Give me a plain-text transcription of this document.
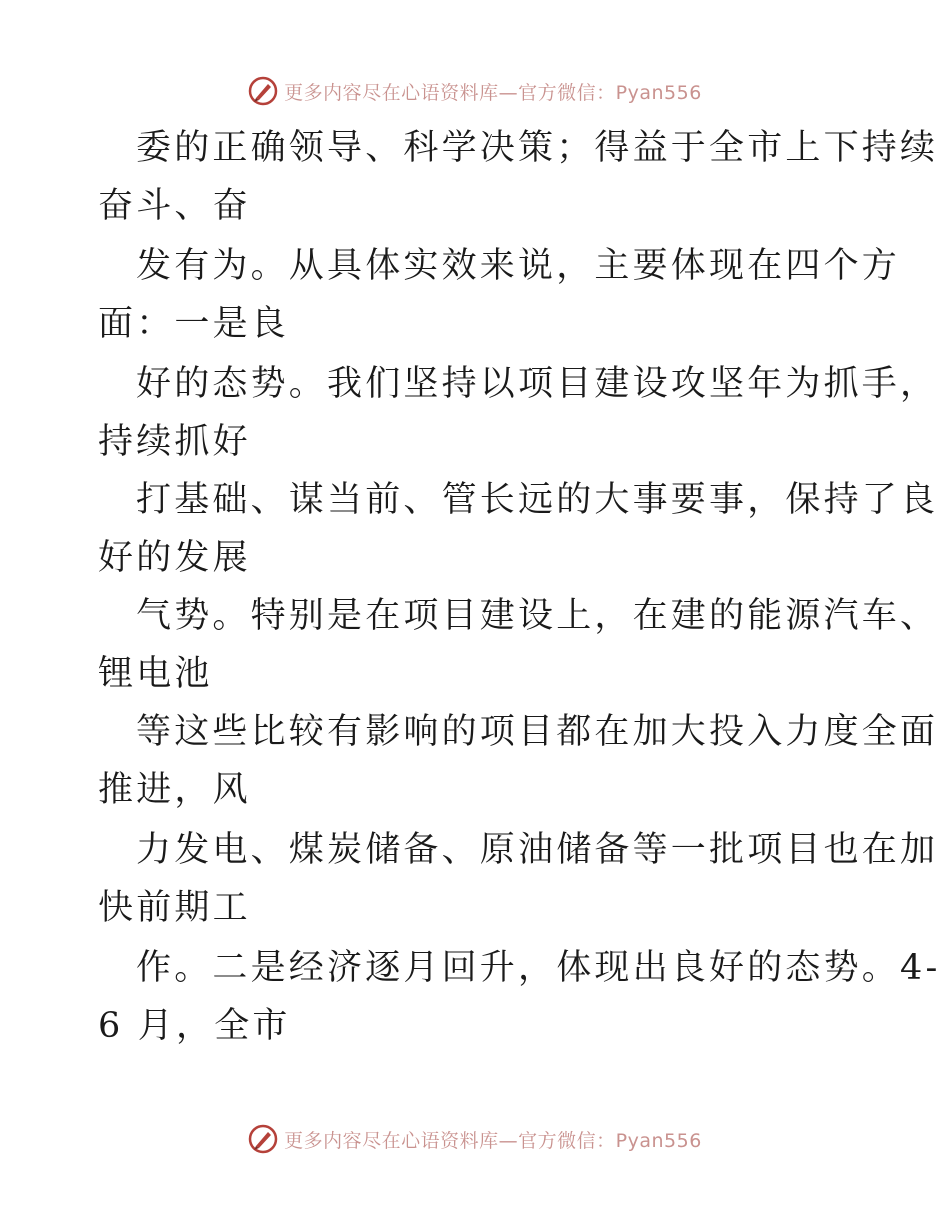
更多内容尽在心语资料库—官方微信：Pyan556
委的正确领导、科学决策；得益于全市上下持续
奋斗、奋
发有为。从具体实效来说，主要体现在四个方
面：一是良
好的态势。我们坚持以项目建设攻坚年为抓手，
持续抓好
打基础、谋当前、管长远的大事要事，保持了良
好的发展
气势。特别是在项目建设上，在建的能源汽车、
锂电池
等这些比较有影响的项目都在加大投入力度全面
推进，风
力发电、煤炭储备、原油储备等一批项目也在加
快前期工
作。二是经济逐月回升，体现出良好的态势。4-
6 月，全市
更多内容尽在心语资料库—官方微信：Pyan556
